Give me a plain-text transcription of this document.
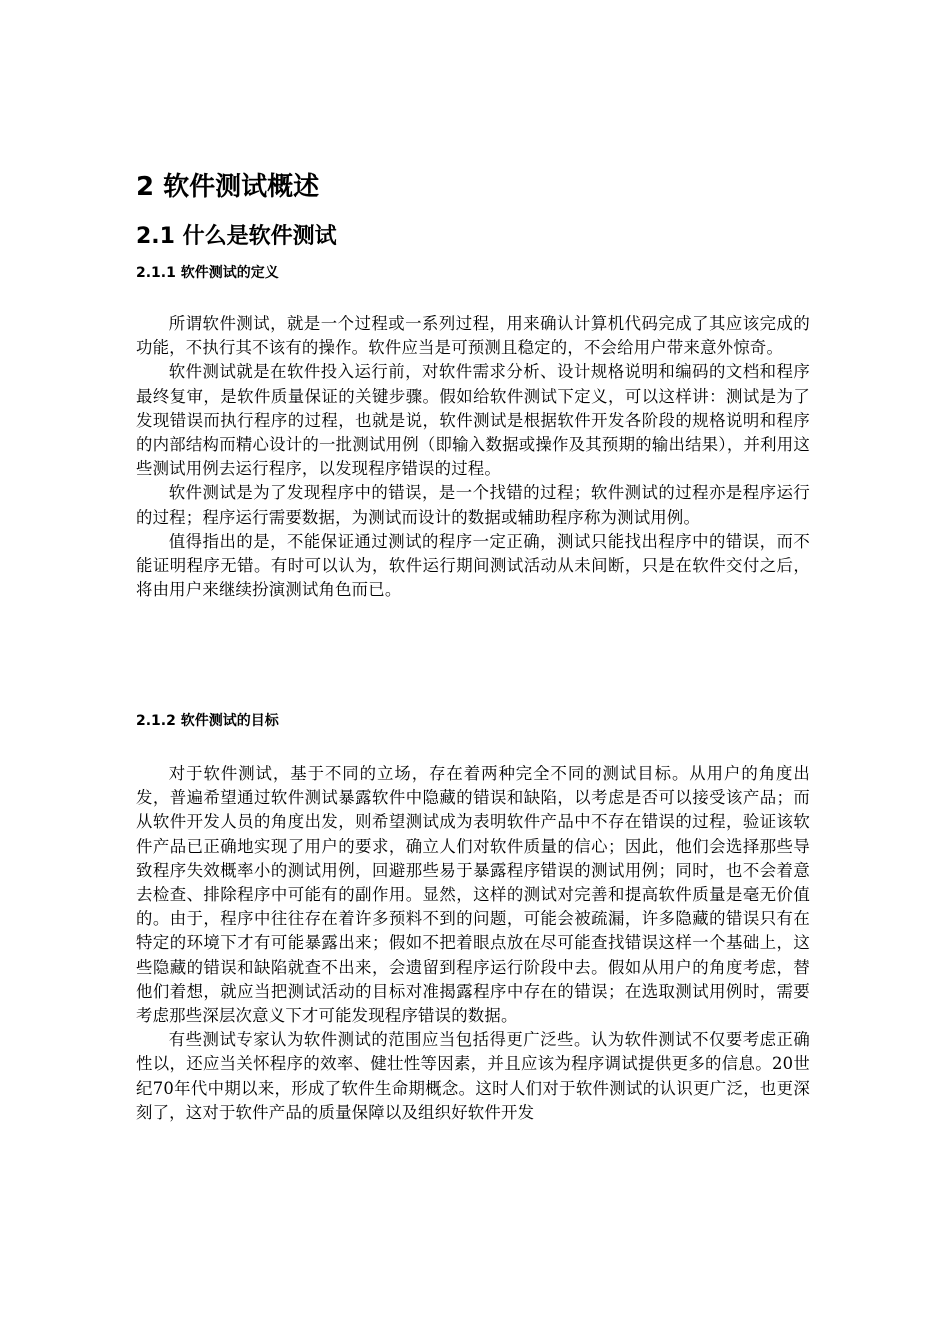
2 软件测试概述
2.1 什么是软件测试
2.1.1 软件测试的定义

所谓软件测试，就是一个过程或一系列过程，用来确认计算机代码完成了其应该完成的功能，不执行其不该有的操作。软件应当是可预测且稳定的，不会给用户带来意外惊奇。

软件测试就是在软件投入运行前，对软件需求分析、设计规格说明和编码的文档和程序最终复审，是软件质量保证的关键步骤。假如给软件测试下定义，可以这样讲：测试是为了发现错误而执行程序的过程，也就是说，软件测试是根据软件开发各阶段的规格说明和程序的内部结构而精心设计的一批测试用例（即输入数据或操作及其预期的输出结果），并利用这些测试用例去运行程序，以发现程序错误的过程。

软件测试是为了发现程序中的错误，是一个找错的过程；软件测试的过程亦是程序运行的过程；程序运行需要数据，为测试而设计的数据或辅助程序称为测试用例。

值得指出的是，不能保证通过测试的程序一定正确，测试只能找出程序中的错误，而不能证明程序无错。有时可以认为，软件运行期间测试活动从未间断，只是在软件交付之后，将由用户来继续扮演测试角色而已。

2.1.2 软件测试的目标

对于软件测试，基于不同的立场，存在着两种完全不同的测试目标。从用户的角度出发，普遍希望通过软件测试暴露软件中隐藏的错误和缺陷，以考虑是否可以接受该产品；而从软件开发人员的角度出发，则希望测试成为表明软件产品中不存在错误的过程，验证该软件产品已正确地实现了用户的要求，确立人们对软件质量的信心；因此，他们会选择那些导致程序失效概率小的测试用例，回避那些易于暴露程序错误的测试用例；同时，也不会着意去检查、排除程序中可能有的副作用。显然，这样的测试对完善和提高软件质量是毫无价值的。由于，程序中往往存在着许多预料不到的问题，可能会被疏漏，许多隐藏的错误只有在特定的环境下才有可能暴露出来；假如不把着眼点放在尽可能查找错误这样一个基础上，这些隐藏的错误和缺陷就查不出来，会遗留到程序运行阶段中去。假如从用户的角度考虑，替他们着想，就应当把测试活动的目标对准揭露程序中存在的错误；在选取测试用例时，需要考虑那些深层次意义下才可能发现程序错误的数据。

有些测试专家认为软件测试的范围应当包括得更广泛些。认为软件测试不仅要考虑正确性以，还应当关怀程序的效率、健壮性等因素，并且应该为程序调试提供更多的信息。20世纪70年代中期以来，形成了软件生命期概念。这时人们对于软件测试的认识更广泛，也更深刻了，这对于软件产品的质量保障以及组织好软件开发
